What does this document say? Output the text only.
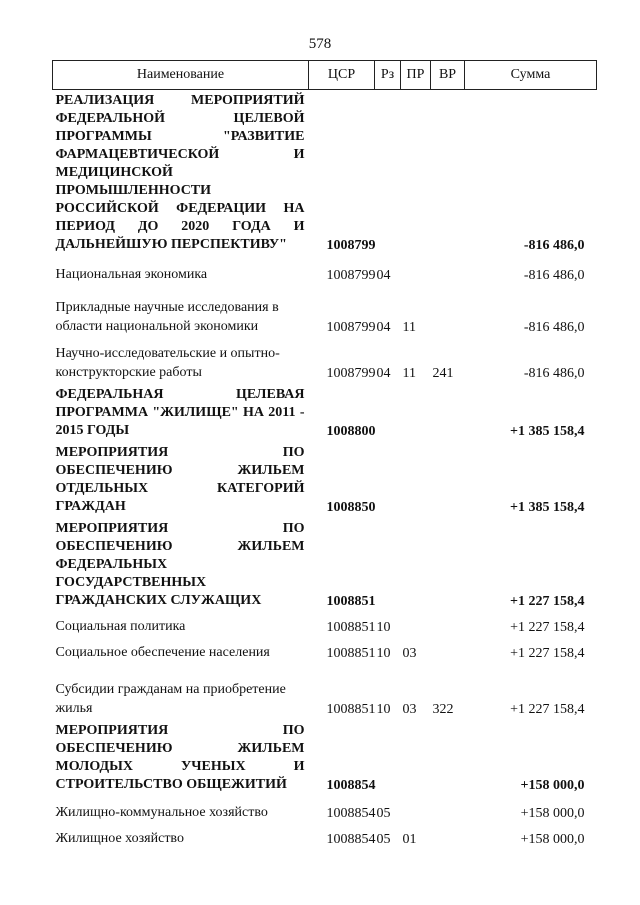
578
Наименование	ЦСР	Рз	ПР	ВР	Сумма
РЕАЛИЗАЦИЯ МЕРОПРИЯТИЙ ФЕДЕРАЛЬНОЙ ЦЕЛЕВОЙ ПРОГРАММЫ "РАЗВИТИЕ ФАРМАЦЕВТИЧЕСКОЙ И МЕДИЦИНСКОЙ ПРОМЫШЛЕННОСТИ РОССИЙСКОЙ ФЕДЕРАЦИИ НА ПЕРИОД ДО 2020 ГОДА И ДАЛЬНЕЙШУЮ ПЕРСПЕКТИВУ"	1008799				-816 486,0
Национальная экономика	1008799	04			-816 486,0
Прикладные научные исследования в области национальной экономики	1008799	04	11		-816 486,0
Научно-исследовательские и опытно-конструкторские работы	1008799	04	11	241	-816 486,0
ФЕДЕРАЛЬНАЯ ЦЕЛЕВАЯ ПРОГРАММА "ЖИЛИЩЕ" НА 2011 - 2015 ГОДЫ	1008800				+1 385 158,4
МЕРОПРИЯТИЯ ПО ОБЕСПЕЧЕНИЮ ЖИЛЬЕМ ОТДЕЛЬНЫХ КАТЕГОРИЙ ГРАЖДАН	1008850				+1 385 158,4
МЕРОПРИЯТИЯ ПО ОБЕСПЕЧЕНИЮ ЖИЛЬЕМ ФЕДЕРАЛЬНЫХ ГОСУДАРСТВЕННЫХ ГРАЖДАНСКИХ СЛУЖАЩИХ	1008851				+1 227 158,4
Социальная политика	1008851	10			+1 227 158,4
Социальное обеспечение населения	1008851	10	03		+1 227 158,4
Субсидии гражданам на приобретение жилья	1008851	10	03	322	+1 227 158,4
МЕРОПРИЯТИЯ ПО ОБЕСПЕЧЕНИЮ ЖИЛЬЕМ МОЛОДЫХ УЧЕНЫХ И СТРОИТЕЛЬСТВО ОБЩЕЖИТИЙ	1008854				+158 000,0
Жилищно-коммунальное хозяйство	1008854	05			+158 000,0
Жилищное хозяйство	1008854	05	01		+158 000,0
